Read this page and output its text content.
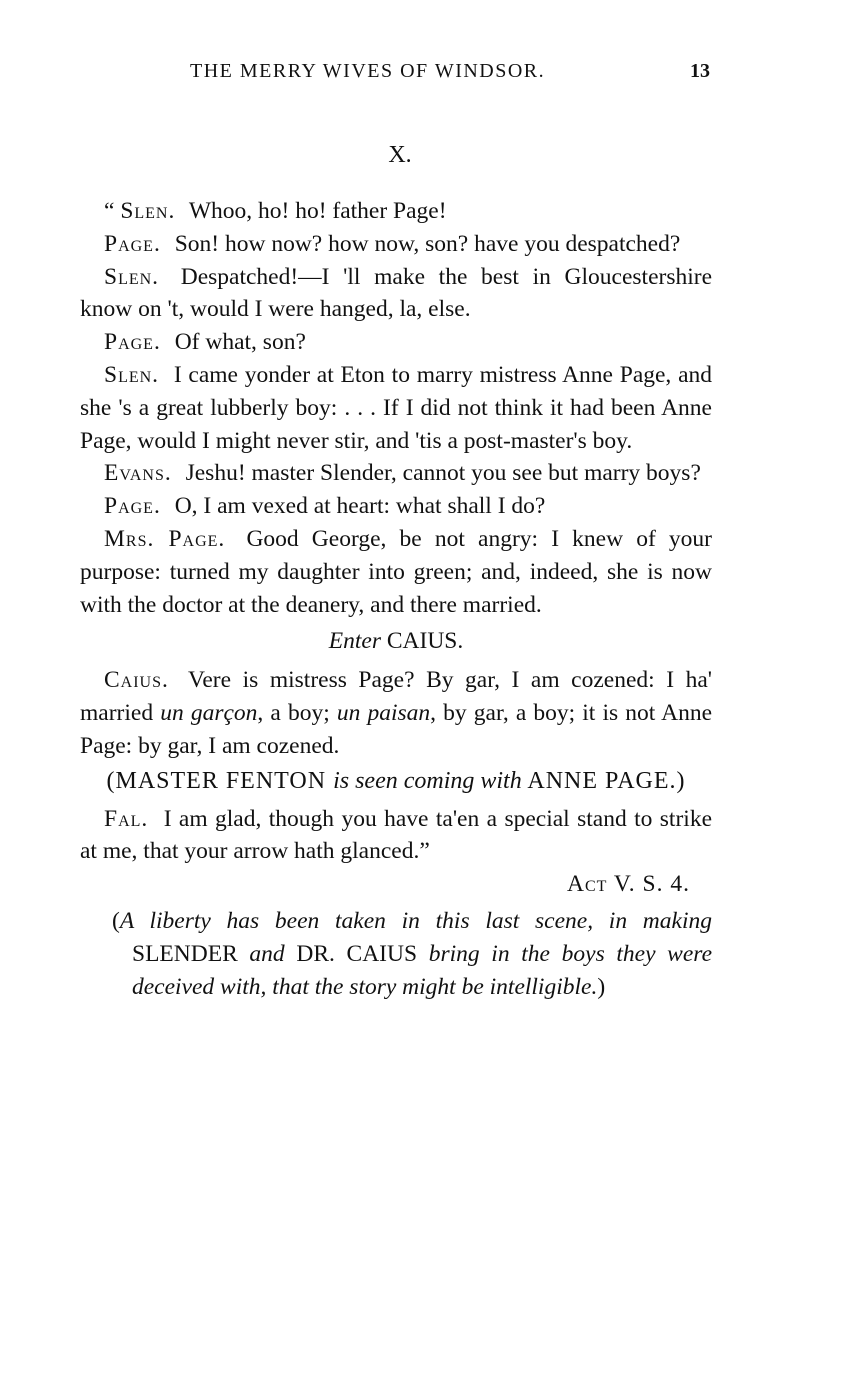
THE MERRY WIVES OF WINDSOR.	13
X.

“ Slen. Whoo, ho! ho! father Page!

Page. Son! how now? how now, son? have you despatched?

Slen. Despatched!—I 'll make the best in Gloucestershire know on 't, would I were hanged, la, else.

Page. Of what, son?

Slen. I came yonder at Eton to marry mistress Anne Page, and she 's a great lubberly boy: . . . If I did not think it had been Anne Page, would I might never stir, and 'tis a post-master's boy.

Evans. Jeshu! master Slender, cannot you see but marry boys?

Page. O, I am vexed at heart: what shall I do?

Mrs. Page. Good George, be not angry: I knew of your purpose: turned my daughter into green; and, indeed, she is now with the doctor at the deanery, and there married.

Enter CAIUS.

Caius. Vere is mistress Page? By gar, I am cozened: I ha' married un garçon, a boy; un paisan, by gar, a boy; it is not Anne Page: by gar, I am cozened.

(MASTER FENTON is seen coming with ANNE PAGE.)

Fal. I am glad, though you have ta'en a special stand to strike at me, that your arrow hath glanced.”

Act V. S. 4.

(A liberty has been taken in this last scene, in making SLENDER and DR. CAIUS bring in the boys they were deceived with, that the story might be intelligible.)
